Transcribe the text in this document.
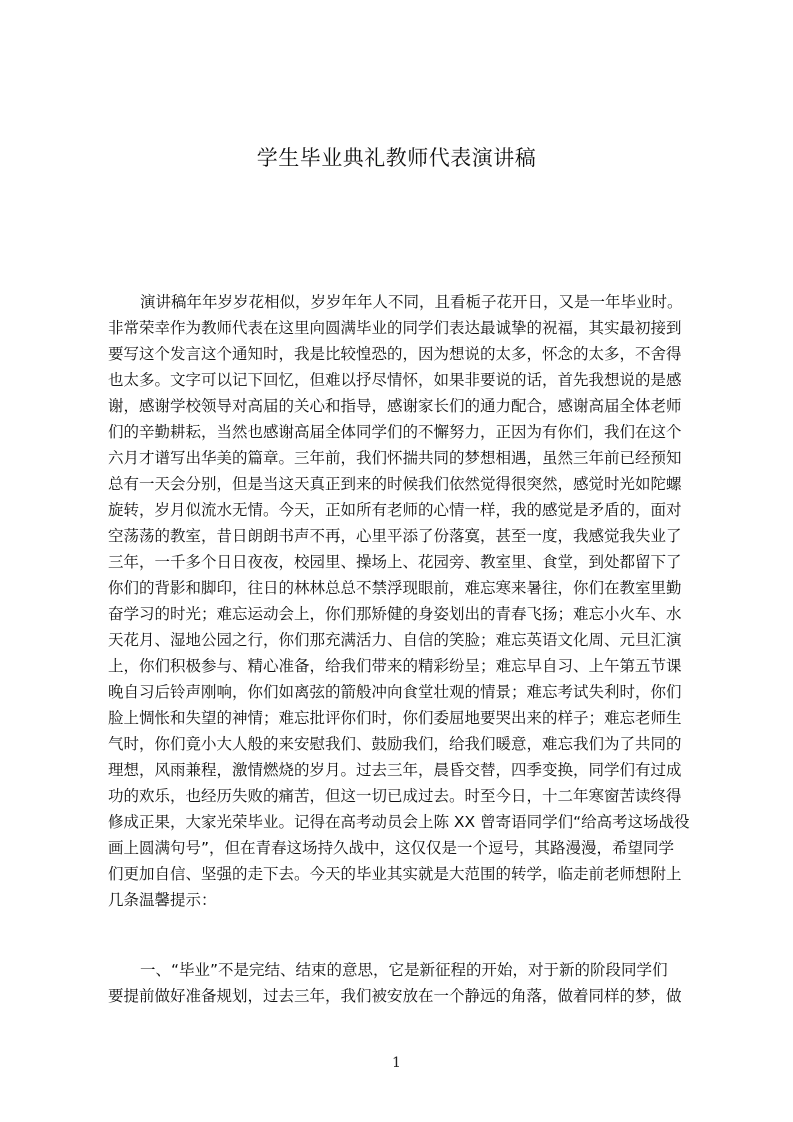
学生毕业典礼教师代表演讲稿
演讲稿年年岁岁花相似，岁岁年年人不同，且看栀子花开日，又是一年毕业时。
非常荣幸作为教师代表在这里向圆满毕业的同学们表达最诚挚的祝福，其实最初接到
要写这个发言这个通知时，我是比较惶恐的，因为想说的太多，怀念的太多，不舍得
也太多。文字可以记下回忆，但难以抒尽情怀，如果非要说的话，首先我想说的是感
谢，感谢学校领导对高届的关心和指导，感谢家长们的通力配合，感谢高届全体老师
们的辛勤耕耘，当然也感谢高届全体同学们的不懈努力，正因为有你们，我们在这个
六月才谱写出华美的篇章。三年前，我们怀揣共同的梦想相遇，虽然三年前已经预知
总有一天会分别，但是当这天真正到来的时候我们依然觉得很突然，感觉时光如陀螺
旋转，岁月似流水无情。今天，正如所有老师的心情一样，我的感觉是矛盾的，面对
空荡荡的教室，昔日朗朗书声不再，心里平添了份落寞，甚至一度，我感觉我失业了
三年，一千多个日日夜夜，校园里、操场上、花园旁、教室里、食堂，到处都留下了
你们的背影和脚印，往日的林林总总不禁浮现眼前，难忘寒来暑往，你们在教室里勤
奋学习的时光；难忘运动会上，你们那矫健的身姿划出的青春飞扬；难忘小火车、水
天花月、湿地公园之行，你们那充满活力、自信的笑脸；难忘英语文化周、元旦汇演
上，你们积极参与、精心准备，给我们带来的精彩纷呈；难忘早自习、上午第五节课
晚自习后铃声刚响，你们如离弦的箭般冲向食堂壮观的情景；难忘考试失利时，你们
脸上惆怅和失望的神情；难忘批评你们时，你们委屈地要哭出来的样子；难忘老师生
气时，你们竟小大人般的来安慰我们、鼓励我们，给我们暖意，难忘我们为了共同的
理想，风雨兼程，激情燃烧的岁月。过去三年，晨昏交替，四季变换，同学们有过成
功的欢乐，也经历失败的痛苦，但这一切已成过去。时至今日，十二年寒窗苦读终得
修成正果，大家光荣毕业。记得在高考动员会上陈 XX 曾寄语同学们“给高考这场战役
画上圆满句号”，但在青春这场持久战中，这仅仅是一个逗号，其路漫漫，希望同学
们更加自信、坚强的走下去。今天的毕业其实就是大范围的转学，临走前老师想附上
几条温馨提示：
一、“毕业”不是完结、结束的意思，它是新征程的开始，对于新的阶段同学们
要提前做好准备规划，过去三年，我们被安放在一个静远的角落，做着同样的梦，做
1
